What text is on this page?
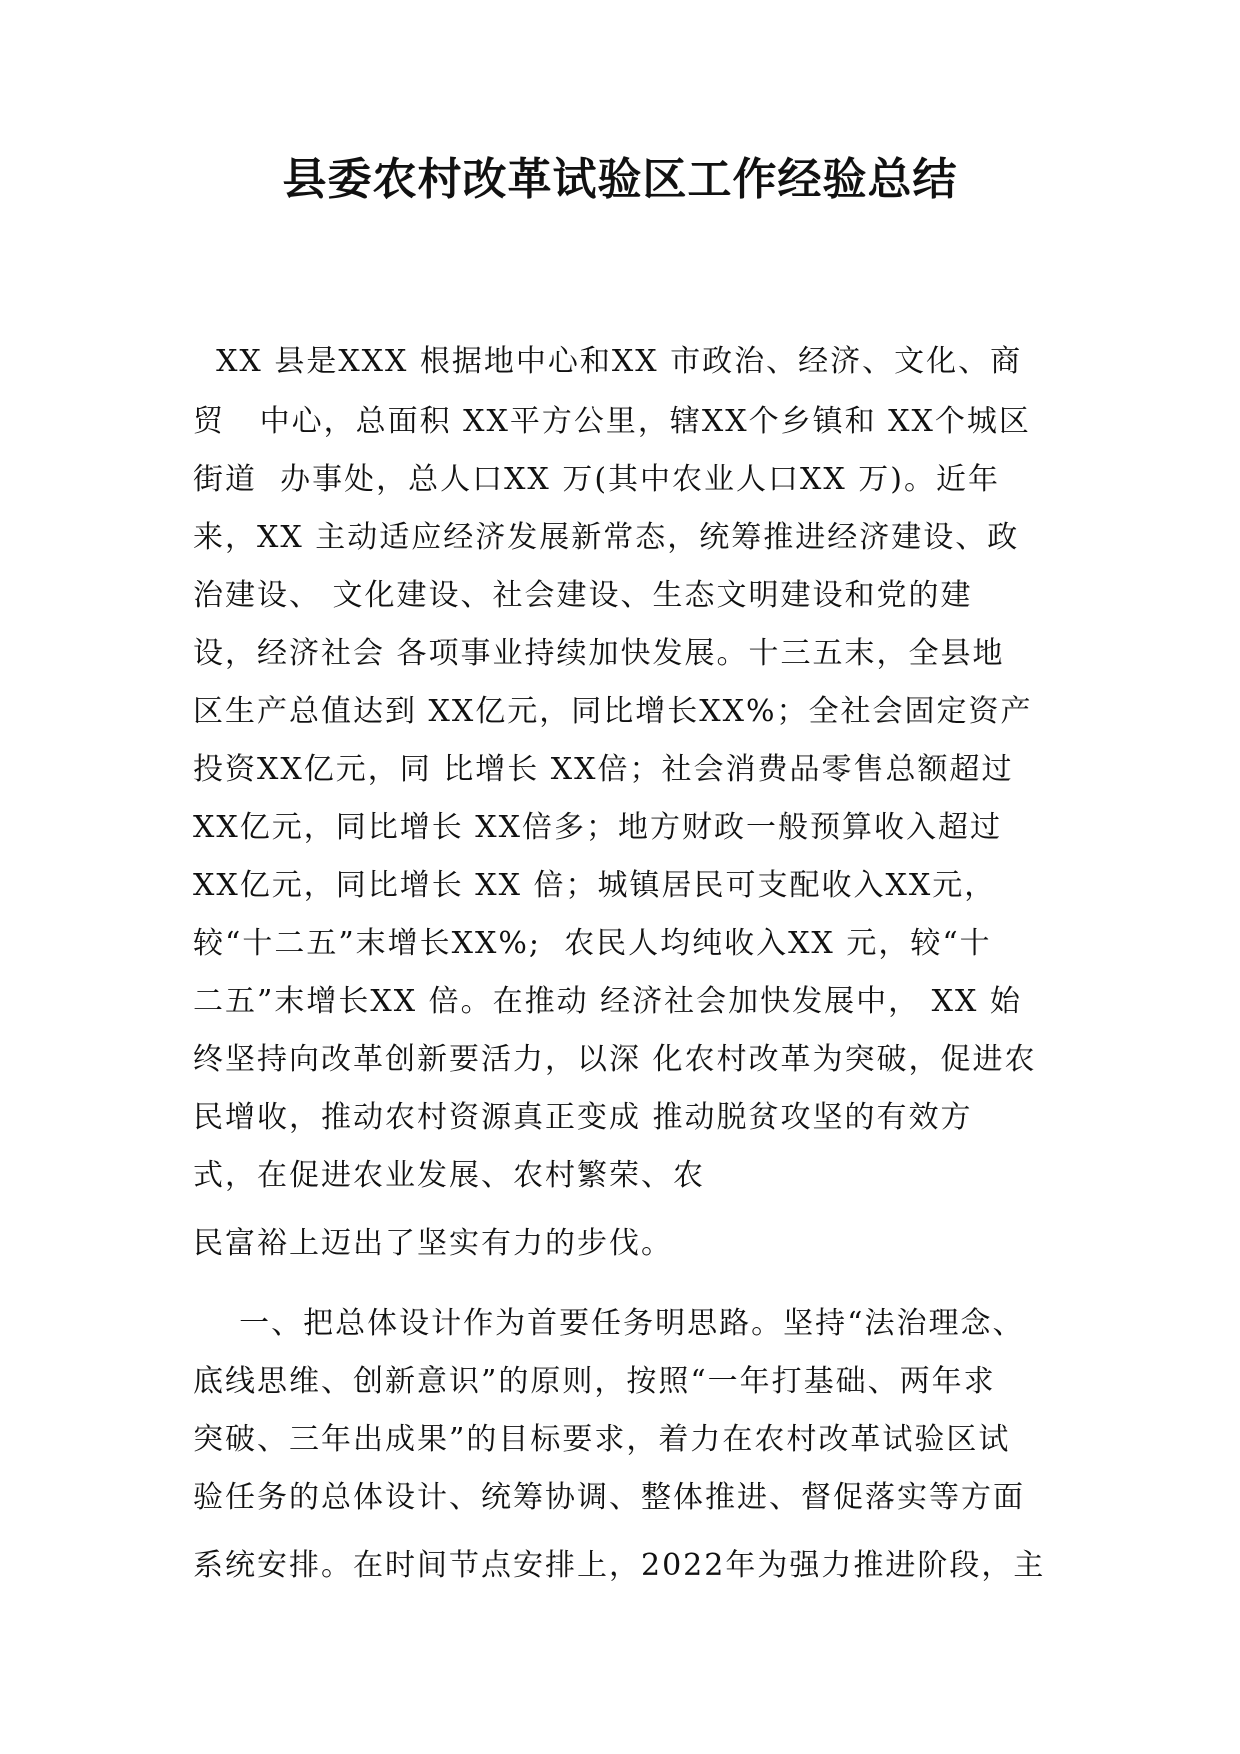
县委农村改革试验区工作经验总结
XX 县是XXX 根据地中心和XX 市政治、经济、文化、商
贸   中心，总面积 XX平方公里，辖XX个乡镇和 XX个城区
街道  办事处，总人口XX 万(其中农业人口XX 万)。近年
来，XX 主动适应经济发展新常态，统筹推进经济建设、政
治建设、 文化建设、社会建设、生态文明建设和党的建
设，经济社会 各项事业持续加快发展。十三五末，全县地
区生产总值达到 XX亿元，同比增长XX%；全社会固定资产
投资XX亿元，同 比增长 XX倍；社会消费品零售总额超过
XX亿元，同比增长 XX倍多；地方财政一般预算收入超过
XX亿元，同比增长 XX 倍；城镇居民可支配收入XX元，
较“十二五”末增长XX%;  农民人均纯收入XX 元，较“十
二五”末增长XX 倍。在推动 经济社会加快发展中， XX 始
终坚持向改革创新要活力，以深 化农村改革为突破，促进农
民增收，推动农村资源真正变成 推动脱贫攻坚的有效方
式，在促进农业发展、农村繁荣、农
民富裕上迈出了坚实有力的步伐。
一、把总体设计作为首要任务明思路。坚持“法治理念、
底线思维、创新意识”的原则，按照“一年打基础、两年求
突破、三年出成果”的目标要求，着力在农村改革试验区试
验任务的总体设计、统筹协调、整体推进、督促落实等方面
系统安排。在时间节点安排上，2022年为强力推进阶段，主
